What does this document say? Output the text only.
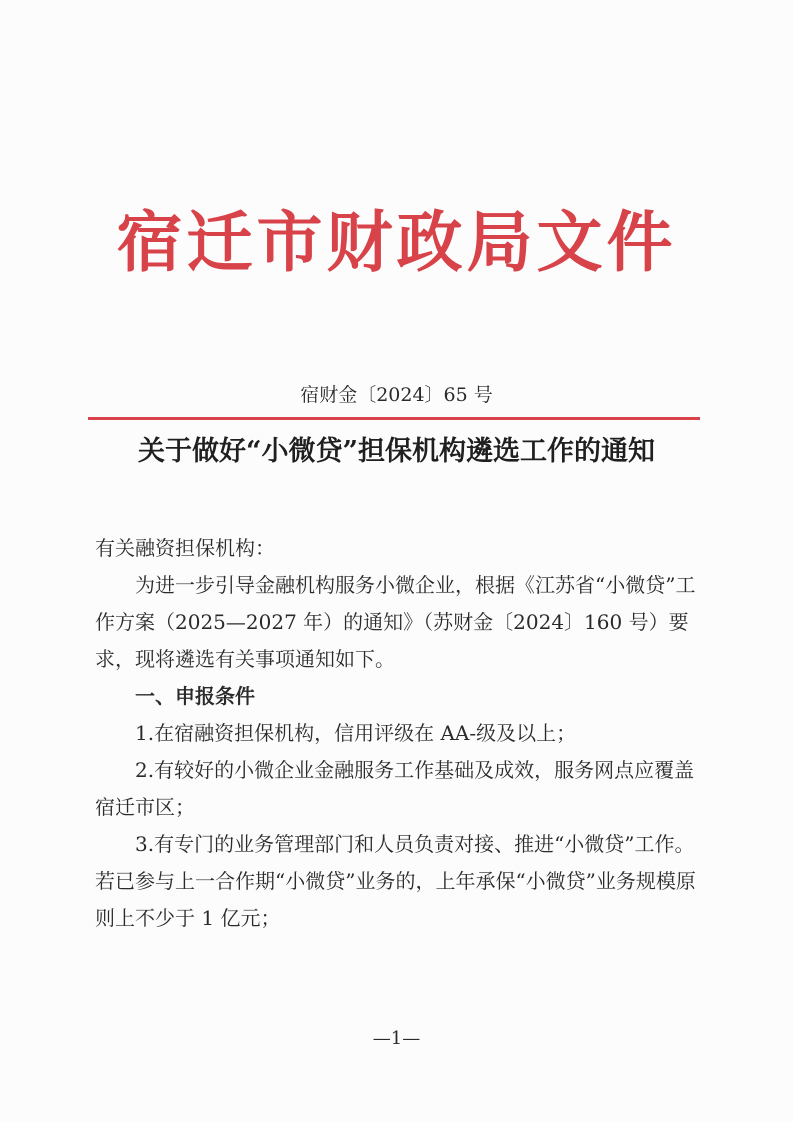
宿迁市财政局文件
宿财金〔2024〕65 号
关于做好“小微贷”担保机构遴选工作的通知

有关融资担保机构：

为进一步引导金融机构服务小微企业，根据《江苏省“小微贷”工作方案（2025—2027 年）的通知》（苏财金〔2024〕160 号）要求，现将遴选有关事项通知如下。

一、申报条件

1.在宿融资担保机构，信用评级在 AA-级及以上；

2.有较好的小微企业金融服务工作基础及成效，服务网点应覆盖宿迁市区；

3.有专门的业务管理部门和人员负责对接、推进“小微贷”工作。若已参与上一合作期“小微贷”业务的，上年承保“小微贷”业务规模原则上不少于 1 亿元；

—1—
